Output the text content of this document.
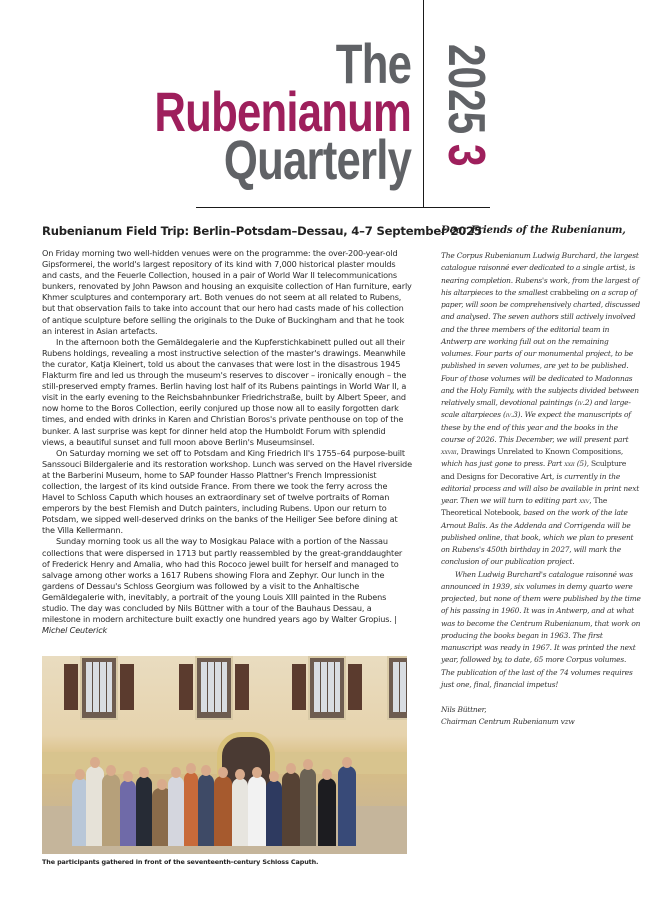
The
Rubenianum
Quarterly
20253
Rubenianum Field Trip: Berlin–Potsdam–Dessau, 4–7 September 2025

On Friday morning two well-hidden venues were on the programme: the over-200-year-old Gipsformerei, the world's largest repository of its kind with 7,000 historical plaster moulds and casts, and the Feuerle Collection, housed in a pair of World War II telecommunications bunkers, renovated by John Pawson and housing an exquisite collection of Han furniture, early Khmer sculptures and contemporary art. Both venues do not seem at all related to Rubens, but that observation fails to take into account that our hero had casts made of his collection of antique sculpture before selling the originals to the Duke of Buckingham and that he took an interest in Asian artefacts.

In the afternoon both the Gemäldegalerie and the Kupferstichkabinett pulled out all their Rubens holdings, revealing a most instructive selection of the master's drawings. Meanwhile the curator, Katja Kleinert, told us about the canvases that were lost in the disastrous 1945 Flakturm fire and led us through the museum's reserves to discover – ironically enough – the still-preserved empty frames. Berlin having lost half of its Rubens paintings in World War II, a visit in the early evening to the Reichsbahnbunker Friedrichstraße, built by Albert Speer, and now home to the Boros Collection, eerily conjured up those now all to easily forgotten dark times, and ended with drinks in Karen and Christian Boros's private penthouse on top of the bunker. A last surprise was kept for dinner held atop the Humboldt Forum with splendid views, a beautiful sunset and full moon above Berlin's Museumsinsel.

On Saturday morning we set off to Potsdam and King Friedrich II's 1755–64 purpose-built Sanssouci Bildergalerie and its restoration workshop. Lunch was served on the Havel riverside at the Barberini Museum, home to SAP founder Hasso Plattner's French Impressionist collection, the largest of its kind outside France. From there we took the ferry across the Havel to Schloss Caputh which houses an extraordinary set of twelve portraits of Roman emperors by the best Flemish and Dutch painters, including Rubens. Upon our return to Potsdam, we sipped well-deserved drinks on the banks of the Heiliger See before dining at the Villa Kellermann.

Sunday morning took us all the way to Mosigkau Palace with a portion of the Nassau collections that were dispersed in 1713 but partly reassembled by the great-granddaughter of Frederick Henry and Amalia, who had this Rococo jewel built for herself and managed to salvage among other works a 1617 Rubens showing Flora and Zephyr. Our lunch in the gardens of Dessau's Schloss Georgium was followed by a visit to the Anhaltische Gemäldegalerie with, inevitably, a portrait of the young Louis XIII painted in the Rubens studio. The day was concluded by Nils Büttner with a tour of the Bauhaus Dessau, a milestone in modern architecture built exactly one hundred years ago by Walter Gropius. | Michel Ceuterick

The participants gathered in front of the seventeenth-century Schloss Caputh.
Dear Friends of the Rubenianum,

The Corpus Rubenianum Ludwig Burchard, the largest catalogue raisonné ever dedicated to a single artist, is nearing completion. Rubens's work, from the largest of his altarpieces to the smallest crabbeling on a scrap of paper, will soon be comprehensively charted, discussed and analysed. The seven authors still actively involved and the three members of the editorial team in Antwerp are working full out on the remaining volumes. Four parts of our monumental project, to be published in seven volumes, are yet to be published. Four of those volumes will be dedicated to Madonnas and the Holy Family, with the subjects divided between relatively small, devotional paintings (iv.2) and large-scale altarpieces (iv.3). We expect the manuscripts of these by the end of this year and the books in the course of 2026. This December, we will present part xxviii, Drawings Unrelated to Known Compositions, which has just gone to press. Part xxii (5), Sculpture and Designs for Decorative Art, is currently in the editorial process and will also be available in print next year. Then we will turn to editing part xxv, The Theoretical Notebook, based on the work of the late Arnout Balis. As the Addenda and Corrigenda will be published online, that book, which we plan to present on Rubens's 450th birthday in 2027, will mark the conclusion of our publication project.

When Ludwig Burchard's catalogue raisonné was announced in 1939, six volumes in demy quarto were projected, but none of them were published by the time of his passing in 1960. It was in Antwerp, and at what was to become the Centrum Rubenianum, that work on producing the books began in 1963. The first manuscript was ready in 1967. It was printed the next year, followed by, to date, 65 more Corpus volumes. The publication of the last of the 74 volumes requires just one, final, financial impetus!

Nils Büttner,
Chairman Centrum Rubenianum vzw
